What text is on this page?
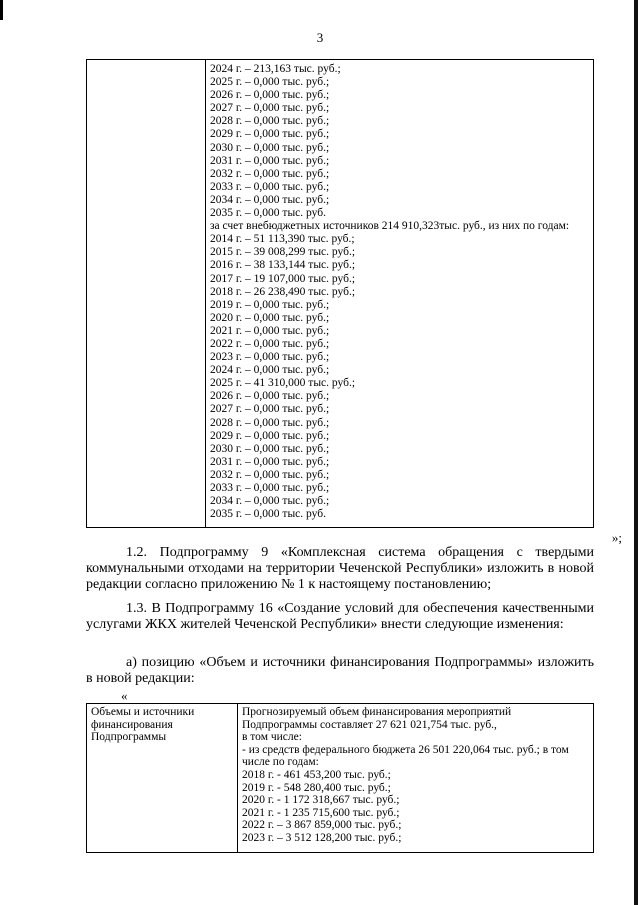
3
2024 г. – 213,163 тыс. руб.;
2025 г. – 0,000 тыс. руб.;
2026 г. – 0,000 тыс. руб.;
2027 г. – 0,000 тыс. руб.;
2028 г. – 0,000 тыс. руб.;
2029 г. – 0,000 тыс. руб.;
2030 г. – 0,000 тыс. руб.;
2031 г. – 0,000 тыс. руб.;
2032 г. – 0,000 тыс. руб.;
2033 г. – 0,000 тыс. руб.;
2034 г. – 0,000 тыс. руб.;
2035 г. – 0,000 тыс. руб.
за счет внебюджетных источников 214 910,323тыс. руб., из них по годам:
2014 г. – 51 113,390 тыс. руб.;
2015 г. – 39 008,299 тыс. руб.;
2016 г. – 38 133,144 тыс. руб.;
2017 г. – 19 107,000 тыс. руб.;
2018 г. – 26 238,490 тыс. руб.;
2019 г. – 0,000 тыс. руб.;
2020 г. – 0,000 тыс. руб.;
2021 г. – 0,000 тыс. руб.;
2022 г. – 0,000 тыс. руб.;
2023 г. – 0,000 тыс. руб.;
2024 г. – 0,000 тыс. руб.;
2025 г. – 41 310,000 тыс. руб.;
2026 г. – 0,000 тыс. руб.;
2027 г. – 0,000 тыс. руб.;
2028 г. – 0,000 тыс. руб.;
2029 г. – 0,000 тыс. руб.;
2030 г. – 0,000 тыс. руб.;
2031 г. – 0,000 тыс. руб.;
2032 г. – 0,000 тыс. руб.;
2033 г. – 0,000 тыс. руб.;
2034 г. – 0,000 тыс. руб.;
2035 г. – 0,000 тыс. руб.
»;
1.2. Подпрограмму 9 «Комплексная система обращения с твердыми коммунальными отходами на территории Чеченской Республики» изложить в новой редакции согласно приложению № 1 к настоящему постановлению;
1.3. В Подпрограмму 16 «Создание условий для обеспечения качественными услугами ЖКХ жителей Чеченской Республики» внести следующие изменения:
а) позицию «Объем и источники финансирования Подпрограммы» изложить в новой редакции:
«
Объемы и источники финансирования Подпрограммы
Прогнозируемый объем финансирования мероприятий Подпрограммы составляет 27 621 021,754 тыс. руб.,
в том числе:
- из средств федерального бюджета 26 501 220,064 тыс. руб.; в том числе по годам:
2018 г. - 461 453,200 тыс. руб.;
2019 г. - 548 280,400 тыс. руб.;
2020 г. - 1 172 318,667 тыс. руб.;
2021 г. - 1 235 715,600 тыс. руб.;
2022 г. – 3 867 859,000 тыс. руб.;
2023 г. – 3 512 128,200 тыс. руб.;
